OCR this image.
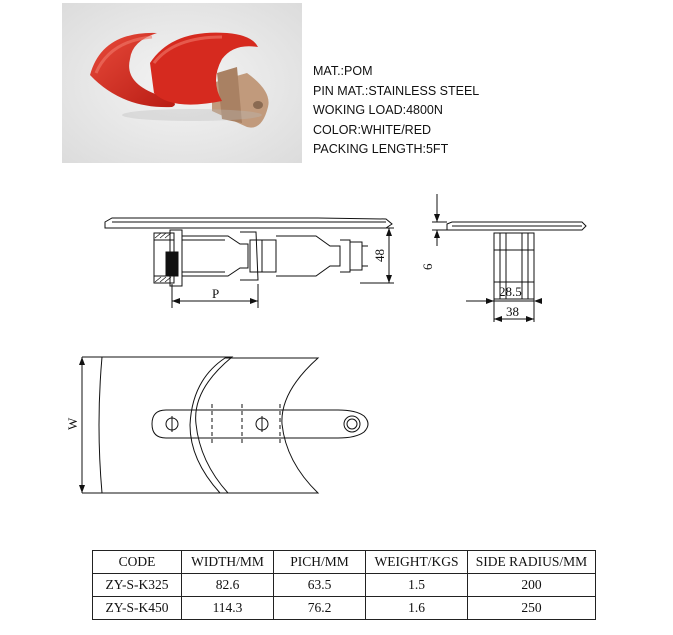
MAT.:POM
PIN MAT.:STAINLESS STEEL
WOKING LOAD:4800N
COLOR:WHITE/RED
PACKING LENGTH:5FT
P
48
6
28.5
38
W
CODE	WIDTH/MM	PICH/MM	WEIGHT/KGS	SIDE RADIUS/MM
ZY-S-K325	82.6	63.5	1.5	200
ZY-S-K450	114.3	76.2	1.6	250
